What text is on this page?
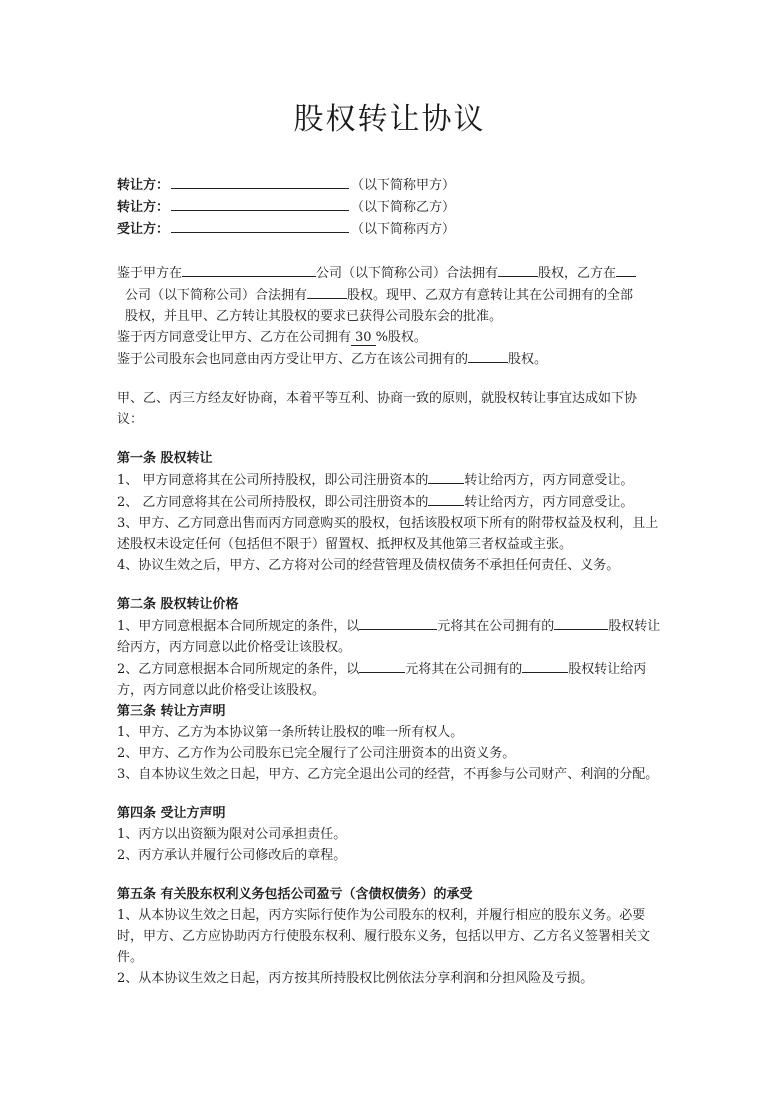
股权转让协议

转让方：	（以下简称甲方）

转让方：	（以下简称乙方）

受让方：	（以下简称丙方）

鉴于甲方在	公司（以下简称公司）合法拥有	股权，乙方在
公司（以下简称公司）合法拥有	股权。现甲、乙双方有意转让其在公司拥有的全部
股权，并且甲、乙方转让其股权的要求已获得公司股东会的批准。

鉴于丙方同意受让甲方、乙方在公司拥有 30 %股权。

鉴于公司股东会也同意由丙方受让甲方、乙方在该公司拥有的	股权。

甲、乙、丙三方经友好协商，本着平等互利、协商一致的原则，就股权转让事宜达成如下协议：

第一条 股权转让

1、 甲方同意将其在公司所持股权，即公司注册资本的	转让给丙方，丙方同意受让。

2、 乙方同意将其在公司所持股权，即公司注册资本的	转让给丙方，丙方同意受让。

3、甲方、乙方同意出售而丙方同意购买的股权，包括该股权项下所有的附带权益及权利，且上述股权未设定任何（包括但不限于）留置权、抵押权及其他第三者权益或主张。

4、协议生效之后，甲方、乙方将对公司的经营管理及债权债务不承担任何责任、义务。

第二条 股权转让价格

1、甲方同意根据本合同所规定的条件，以	元将其在公司拥有的	股权转让给丙方，丙方同意以此价格受让该股权。

2、乙方同意根据本合同所规定的条件，以	元将其在公司拥有的	股权转让给丙方，丙方同意以此价格受让该股权。

第三条 转让方声明

1、甲方、乙方为本协议第一条所转让股权的唯一所有权人。

2、甲方、乙方作为公司股东已完全履行了公司注册资本的出资义务。

3、自本协议生效之日起，甲方、乙方完全退出公司的经营，不再参与公司财产、利润的分配。

第四条 受让方声明

1、丙方以出资额为限对公司承担责任。

2、丙方承认并履行公司修改后的章程。

第五条 有关股东权利义务包括公司盈亏（含债权债务）的承受

1、从本协议生效之日起，丙方实际行使作为公司股东的权利，并履行相应的股东义务。必要时，甲方、乙方应协助丙方行使股东权利、履行股东义务，包括以甲方、乙方名义签署相关文件。

2、从本协议生效之日起，丙方按其所持股权比例依法分享利润和分担风险及亏损。
